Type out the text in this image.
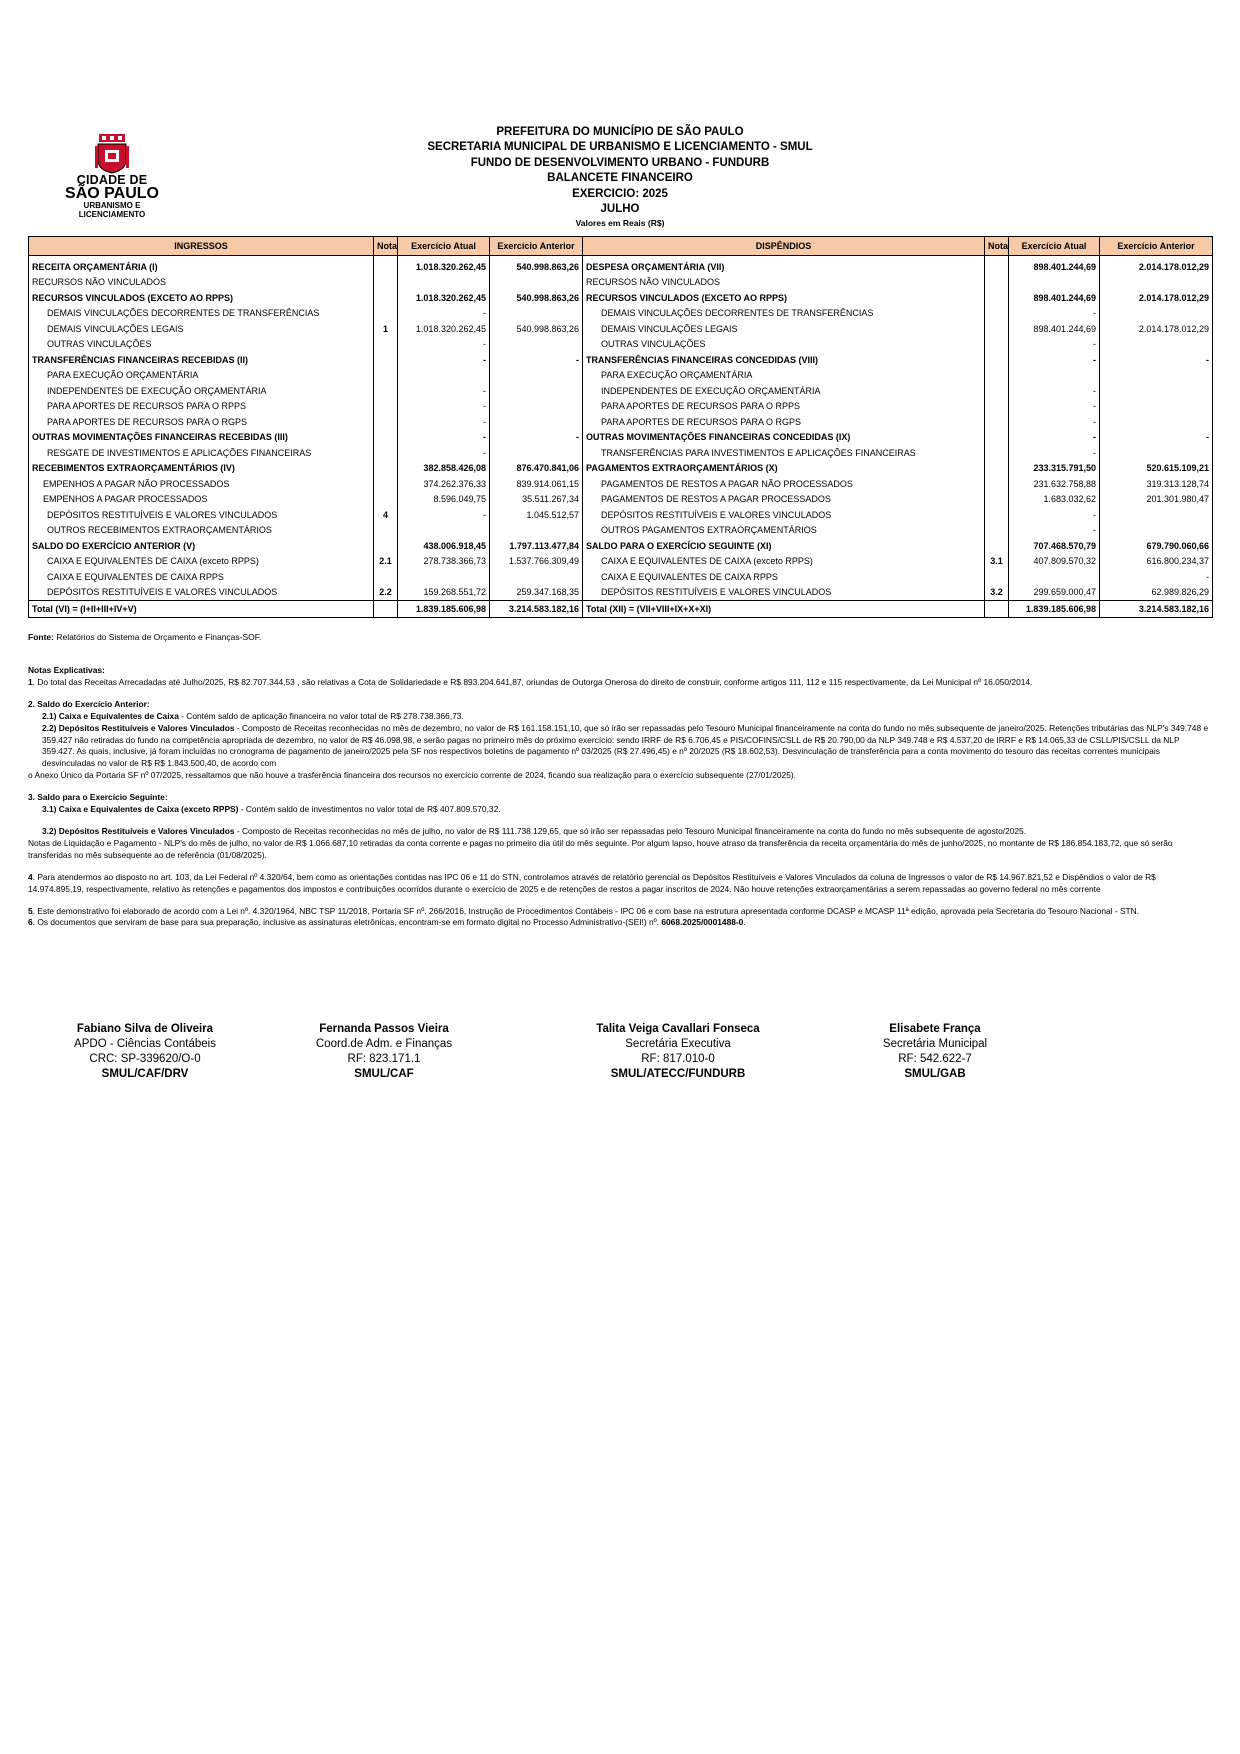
CIDADE DE
SÃO PAULO
URBANISMO E
LICENCIAMENTO
PREFEITURA DO MUNICÍPIO DE SÃO PAULO
SECRETARIA MUNICIPAL DE URBANISMO E LICENCIAMENTO - SMUL
FUNDO DE DESENVOLVIMENTO URBANO - FUNDURB
BALANCETE FINANCEIRO
EXERCICIO: 2025
JULHO
Valores em Reais (R$)
INGRESSOS	Nota	Exercício Atual	Exercício Anterior	DISPÊNDIOS	Nota	Exercício Atual	Exercício Anterior
RECEITA ORÇAMENTÁRIA (I)		1.018.320.262,45	540.998.863,26	DESPESA ORÇAMENTÁRIA (VII)		898.401.244,69	2.014.178.012,29
RECURSOS NÃO VINCULADOS				RECURSOS NÃO VINCULADOS			
RECURSOS VINCULADOS (EXCETO AO RPPS)		1.018.320.262,45	540.998.863,26	RECURSOS VINCULADOS (EXCETO AO RPPS)		898.401.244,69	2.014.178.012,29
DEMAIS VINCULAÇÕES DECORRENTES DE TRANSFERÊNCIAS		-		DEMAIS VINCULAÇÕES DECORRENTES DE TRANSFERÊNCIAS		-	
DEMAIS VINCULAÇÕES LEGAIS	1	1.018.320.262,45	540.998.863,26	DEMAIS VINCULAÇÕES LEGAIS		898.401.244,69	2.014.178.012,29
OUTRAS VINCULAÇÕES		-		OUTRAS VINCULAÇÕES		-	
TRANSFERÊNCIAS FINANCEIRAS RECEBIDAS (II)		-	-	TRANSFERÊNCIAS FINANCEIRAS CONCEDIDAS (VIII)		-	-
PARA EXECUÇÃO ORÇAMENTÁRIA				PARA EXECUÇÃO ORÇAMENTÁRIA			
INDEPENDENTES DE EXECUÇÃO ORÇAMENTÁRIA		-		INDEPENDENTES DE EXECUÇÃO ORÇAMENTÁRIA		-	
PARA APORTES DE RECURSOS PARA O RPPS		-		PARA APORTES DE RECURSOS PARA O RPPS		-	
PARA APORTES DE RECURSOS PARA O RGPS		-		PARA APORTES DE RECURSOS PARA O RGPS		-	
OUTRAS MOVIMENTAÇÕES FINANCEIRAS RECEBIDAS (III)		-	-	OUTRAS MOVIMENTAÇÕES FINANCEIRAS CONCEDIDAS (IX)		-	-
RESGATE DE INVESTIMENTOS E APLICAÇÕES FINANCEIRAS		-		TRANSFERÊNCIAS PARA INVESTIMENTOS E APLICAÇÕES FINANCEIRAS		-	
RECEBIMENTOS EXTRAORÇAMENTÁRIOS (IV)		382.858.426,08	876.470.841,06	PAGAMENTOS EXTRAORÇAMENTÁRIOS (X)		233.315.791,50	520.615.109,21
EMPENHOS A PAGAR NÃO PROCESSADOS		374.262.376,33	839.914.061,15	PAGAMENTOS DE RESTOS A PAGAR NÃO PROCESSADOS		231.632.758,88	319.313.128,74
EMPENHOS A PAGAR PROCESSADOS		8.596.049,75	35.511.267,34	PAGAMENTOS DE RESTOS A PAGAR PROCESSADOS		1.683.032,62	201.301.980,47
DEPÓSITOS RESTITUÍVEIS E VALORES VINCULADOS	4	-	1.045.512,57	DEPÓSITOS RESTITUÍVEIS E VALORES VINCULADOS		-	
OUTROS RECEBIMENTOS EXTRAORÇAMENTÁRIOS				OUTROS PAGAMENTOS EXTRAORÇAMENTÁRIOS		-	
SALDO DO EXERCÍCIO ANTERIOR (V)		438.006.918,45	1.797.113.477,84	SALDO PARA O EXERCÍCIO SEGUINTE (XI)		707.468.570,79	679.790.060,66
CAIXA E EQUIVALENTES DE CAIXA (exceto RPPS)	2.1	278.738.366,73	1.537.766.309,49	CAIXA E EQUIVALENTES DE CAIXA (exceto RPPS)	3.1	407.809.570,32	616.800.234,37
CAIXA E EQUIVALENTES DE CAIXA RPPS				CAIXA E EQUIVALENTES DE CAIXA RPPS			-
DEPÓSITOS RESTITUÍVEIS E VALORES VINCULADOS	2.2	159.268.551,72	259.347.168,35	DEPÓSITOS RESTITUÍVEIS E VALORES VINCULADOS	3.2	299.659.000,47	62.989.826,29
Total (VI) = (I+II+III+IV+V)		1.839.185.606,98	3.214.583.182,16	Total (XII) = (VII+VIII+IX+X+XI)		1.839.185.606,98	3.214.583.182,16
Fonte: Relatórios do Sistema de Orçamento e Finanças-SOF.

Notas Explicativas:

1. Do total das Receitas Arrecadadas até Julho/2025, R$ 82.707.344,53 , são relativas a Cota de Solidariedade e R$ 893.204.641,87, oriundas de Outorga Onerosa do direito de construir, conforme artigos 111, 112 e 115 respectivamente, da Lei Municipal nº 16.050/2014.

2. Saldo do Exercício Anterior:

2.1) Caixa e Equivalentes de Caixa - Contém saldo de aplicação financeira no valor total de R$ 278.738.366,73.

2.2) Depósitos Restituíveis e Valores Vinculados - Composto de Receitas reconhecidas no mês de dezembro, no valor de R$ 161.158.151,10, que só irão ser repassadas pelo Tesouro Municipal financeiramente na conta do fundo no mês subsequente de janeiro/2025. Retenções tributárias das NLP's 349.748 e 359.427 não retiradas do fundo na competência apropriada de dezembro, no valor de R$ 46.098,98, e serão pagas no primeiro mês do próximo exercício: sendo IRRF de R$ 6.706,45 e PIS/COFINS/CSLL de R$ 20.790,00 da NLP 349.748 e R$ 4.537,20 de IRRF e R$ 14.065,33 de CSLL/PIS/CSLL da NLP 359.427. As quais, inclusive, já foram incluídas no cronograma de pagamento de janeiro/2025 pela SF nos respectivos boletins de pagamento nº 03/2025 (R$ 27.496,45) e nº 20/2025 (R$ 18.602,53). Desvinculação de transferência para a conta movimento do tesouro das receitas correntes municipais desvinculadas no valor de R$ R$ 1.843.500,40, de acordo com

o Anexo Único da Portaria SF nº 07/2025, ressaltamos que não houve a trasferência financeira dos recursos no exercício corrente de 2024, ficando sua realização para o exercício subsequente (27/01/2025).

3. Saldo para o Exercício Seguinte:

3.1) Caixa e Equivalentes de Caixa (exceto RPPS) - Contém saldo de investimentos no valor total de R$ 407.809.570,32.

3.2) Depósitos Restituíveis e Valores Vinculados - Composto de Receitas reconhecidas no mês de julho, no valor de R$ 111.738.129,65, que só irão ser repassadas pelo Tesouro Municipal financeiramente na conta do fundo no mês subsequente de agosto/2025.

Notas de Liquidação e Pagamento - NLP's do mês de julho, no valor de R$ 1.066.687,10 retiradas da conta corrente e pagas no primeiro dia útil do mês seguinte. Por algum lapso, houve atraso da transferência da receita orçamentária do mês de junho/2025, no montante de R$ 186.854.183,72, que só serão transferidas no mês subsequente ao de referência (01/08/2025).

4. Para atendermos ao disposto no art. 103, da Lei Federal nº 4.320/64, bem como as orientações contidas nas IPC 06 e 11 do STN, controlamos através de relatório gerencial os Depósitos Restituíveis e Valores Vinculados da coluna de Ingressos o valor de R$ 14.967.821,52 e Dispêndios o valor de R$ 14.974.895,19, respectivamente, relativo às retenções e pagamentos dos impostos e contribuições ocorridos durante o exercício de 2025 e de retenções de restos a pagar inscritos de 2024. Não houve retenções extraorçamentárias a serem repassadas ao governo federal no mês corrente

5. Este demonstrativo foi elaborado de acordo com a Lei nº. 4.320/1964, NBC TSP 11/2018, Portaria SF nº. 266/2016, Instrução de Procedimentos Contábeis - IPC 06 e com base na estrutura apresentada conforme DCASP e MCASP 11ª edição, aprovada pela Secretaria do Tesouro Nacional - STN.

6. Os documentos que serviram de base para sua preparação, inclusive as assinaturas eletrônicas, encontram-se em formato digital no Processo Administrativo-(SEI!) nº. 6068.2025/0001488-0.

Fabiano Silva de Oliveira
APDO - Ciências Contábeis
CRC: SP-339620/O-0
SMUL/CAF/DRV
Fernanda Passos Vieira
Coord.de Adm. e Finanças
RF: 823.171.1
SMUL/CAF
Talita Veiga Cavallari Fonseca
Secretária Executiva
RF: 817.010-0
SMUL/ATECC/FUNDURB
Elisabete França
Secretária Municipal
RF: 542.622-7
SMUL/GAB
